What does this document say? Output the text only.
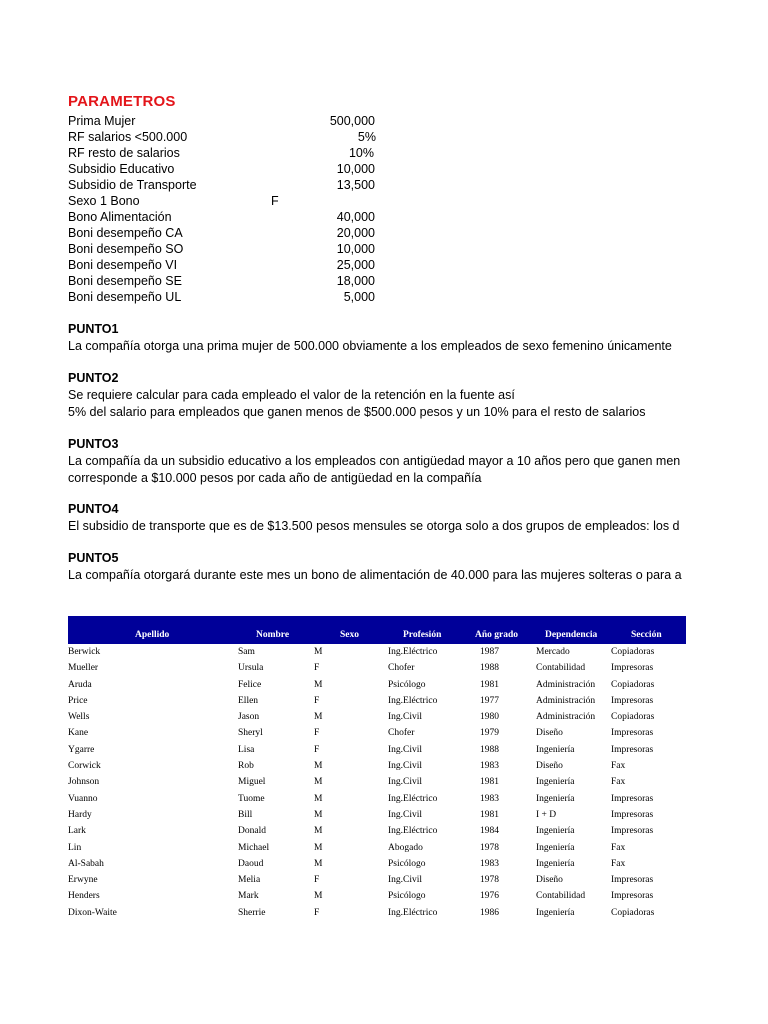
PARAMETROS
Prima Mujer	500,000
RF salarios <500.000	5%
RF resto de salarios	10%
Subsidio Educativo	10,000
Subsidio de Transporte	13,500
Sexo 1 Bono	F
Bono Alimentación	40,000
Boni desempeño CA	20,000
Boni desempeño SO	10,000
Boni desempeño VI	25,000
Boni desempeño SE	18,000
Boni desempeño UL	5,000
PUNTO1
La compañía otorga una prima mujer de 500.000 obviamente a los empleados de sexo femenino únicamente
PUNTO2
Se requiere calcular para cada empleado el valor de la retención en la fuente así
5% del salario para empleados que ganen menos de $500.000 pesos y un 10% para el resto de salarios
PUNTO3
La compañía da un subsidio educativo a los empleados con antigüedad mayor a 10 años pero que ganen men
corresponde a $10.000 pesos por cada año de antigüedad en la compañía
PUNTO4
El subsidio de transporte que es de $13.500 pesos mensules se otorga solo a dos grupos de empleados: los d
PUNTO5
La compañía otorgará durante este mes un bono de alimentación de 40.000 para las mujeres solteras o para a
Apellido	Nombre	Sexo	Profesión	Año grado	Dependencia	Sección
Berwick	Sam	M	Ing.Eléctrico	1987	Mercado	Copiadoras
Mueller	Ursula	F	Chofer	1988	Contabilidad	Impresoras
Aruda	Felice	M	Psicólogo	1981	Administración Copiadoras
Price	Ellen	F	Ing.Eléctrico	1977	Administración Impresoras
Wells	Jason	M	Ing.Civil	1980	Administración Copiadoras
Kane	Sheryl	F	Chofer	1979	Diseño	Impresoras
Ygarre	Lisa	F	Ing.Civil	1988	Ingeniería	Impresoras
Corwick	Rob	M	Ing.Civil	1983	Diseño	Fax
Johnson	Miguel	M	Ing.Civil	1981	Ingeniería	Fax
Vuanno	Tuome	M	Ing.Eléctrico	1983	Ingeniería	Impresoras
Hardy	Bill	M	Ing.Civil	1981	I + D	Impresoras
Lark	Donald	M	Ing.Eléctrico	1984	Ingeniería	Impresoras
Lin	Michael	M	Abogado	1978	Ingeniería	Fax
Al-Sabah	Daoud	M	Psicólogo	1983	Ingeniería	Fax
Erwyne	Melia	F	Ing.Civil	1978	Diseño	Impresoras
Henders	Mark	M	Psicólogo	1976	Contabilidad	Impresoras
Dixon-Waite	Sherrie	F	Ing.Eléctrico	1986	Ingeniería	Copiadoras
